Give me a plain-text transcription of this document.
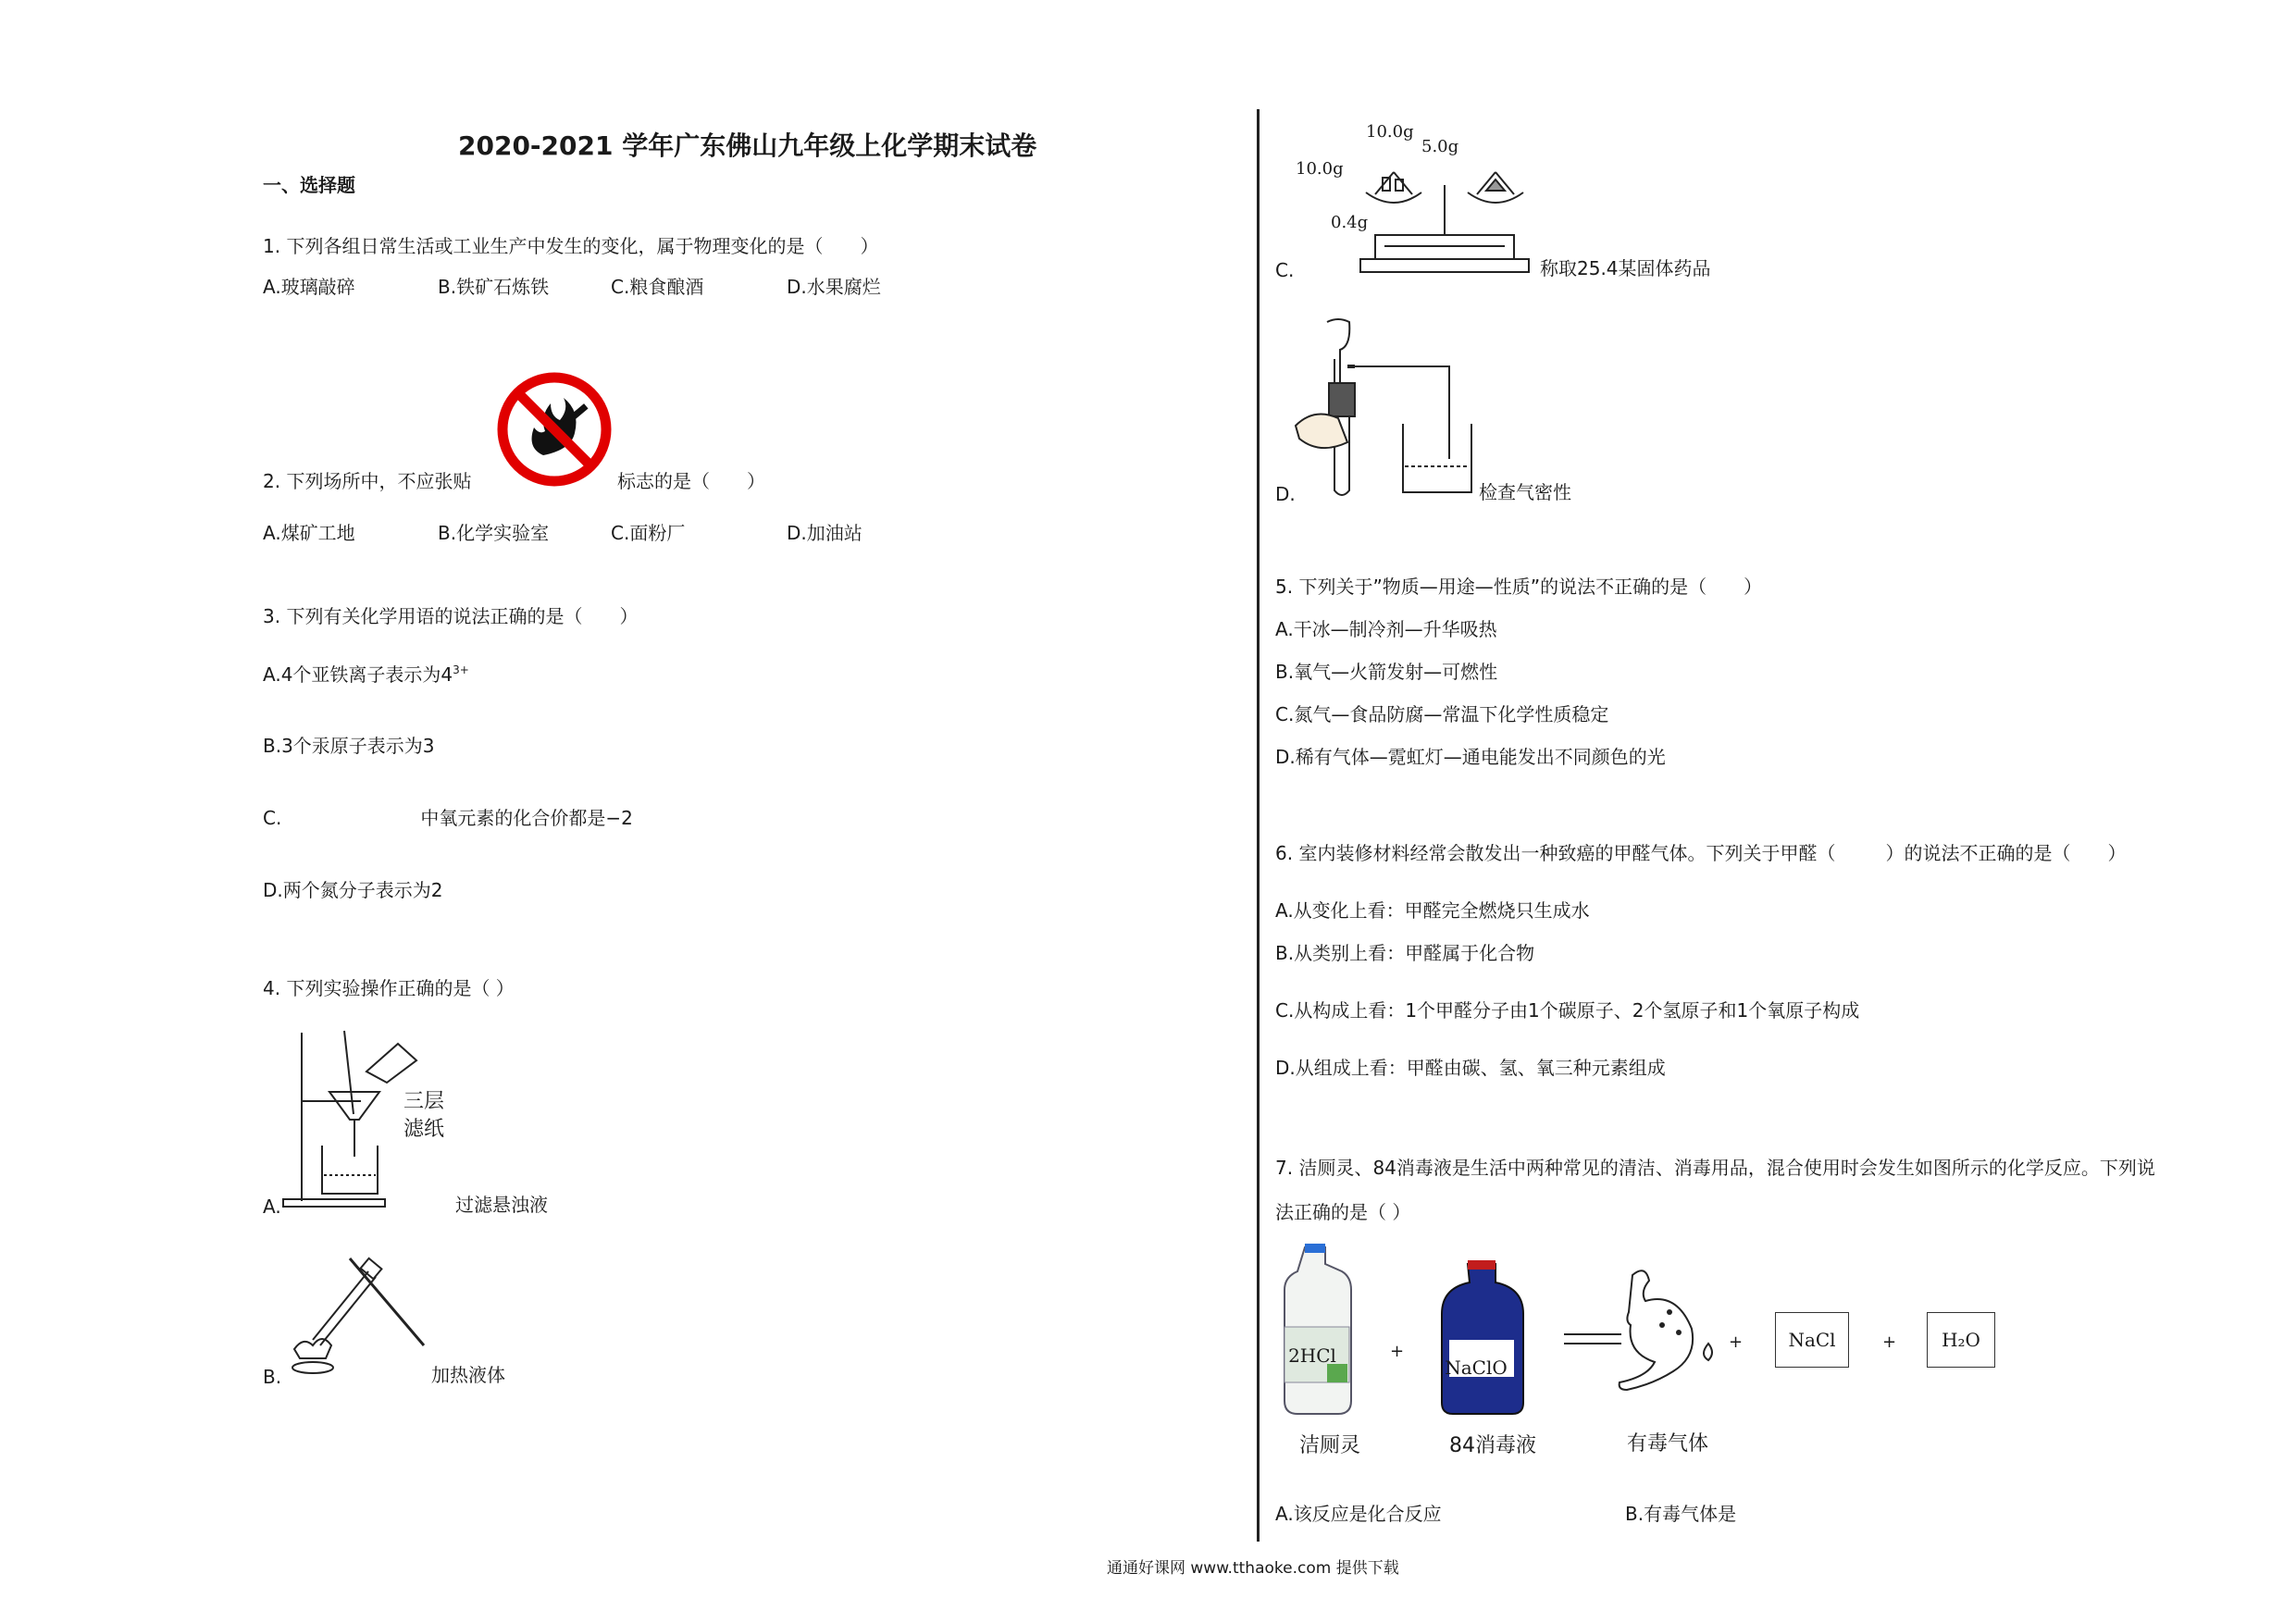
2020-2021 学年广东佛山九年级上化学期末试卷
一、选择题
1. 下列各组日常生活或工业生产中发生的变化，属于物理变化的是（　　）
A.玻璃敲碎	B.铁矿石炼铁	C.粮食酿酒	D.水果腐烂
2. 下列场所中，不应张贴	标志的是（　　）
A.煤矿工地	B.化学实验室	C.面粉厂	D.加油站
3. 下列有关化学用语的说法正确的是（　　）
A.4个亚铁离子表示为$4^{3+}$
B.3个汞原子表示为3
C.	中氧元素的化合价都是−2
D.两个氮分子表示为2
4. 下列实验操作正确的是（ ）
三层
滤纸
A.	过滤悬浊液
B.	加热液体
10.0g
5.0g
10.0g
0.4g
C.	称取25.4某固体药品
D.	检查气密性
5. 下列关于”物质—用途—性质”的说法不正确的是（　　）
A.干冰—制冷剂—升华吸热
B.氧气—火箭发射—可燃性
C.氮气—食品防腐—常温下化学性质稳定
D.稀有气体—霓虹灯—通电能发出不同颜色的光
6. 室内装修材料经常会散发出一种致癌的甲醛气体。下列关于甲醛（	）的说法不正确的是（　　）
A.从变化上看：甲醛完全燃烧只生成水
B.从类别上看：甲醛属于化合物
C.从构成上看：1个甲醛分子由1个碳原子、2个氢原子和1个氧原子构成
D.从组成上看：甲醛由碳、氢、氧三种元素组成
7. 洁厕灵、84消毒液是生活中两种常见的清洁、消毒用品，混合使用时会发生如图所示的化学反应。下列说
法正确的是（ ）
2HCl	+
NaClO
+	NaCl	+	H₂O
洁厕灵	84消毒液	有毒气体
A.该反应是化合反应	B.有毒气体是
通通好课网 www.tthaoke.com 提供下载
